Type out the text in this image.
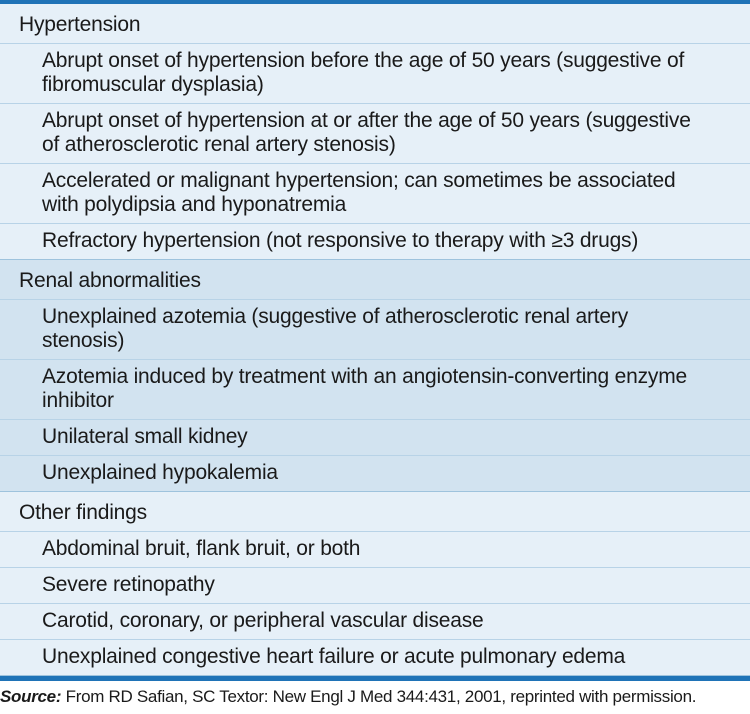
Hypertension
Abrupt onset of hypertension before the age of 50 years (suggestive of fibromuscular dysplasia)
Abrupt onset of hypertension at or after the age of 50 years (suggestive of atherosclerotic renal artery stenosis)
Accelerated or malignant hypertension; can sometimes be associated with polydipsia and hyponatremia
Refractory hypertension (not responsive to therapy with ≥3 drugs)
Renal abnormalities
Unexplained azotemia (suggestive of atherosclerotic renal artery stenosis)
Azotemia induced by treatment with an angiotensin-converting enzyme inhibitor
Unilateral small kidney
Unexplained hypokalemia
Other findings
Abdominal bruit, flank bruit, or both
Severe retinopathy
Carotid, coronary, or peripheral vascular disease
Unexplained congestive heart failure or acute pulmonary edema
Source: From RD Safian, SC Textor: New Engl J Med 344:431, 2001, reprinted with permission.
